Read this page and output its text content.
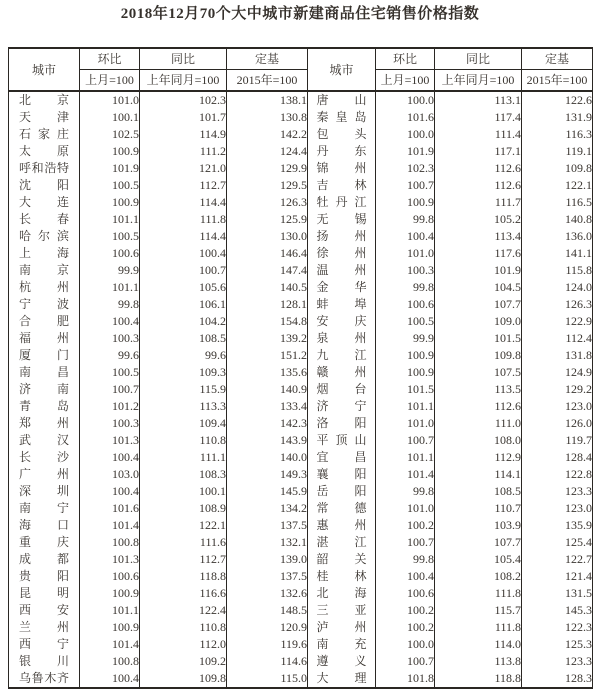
2018年12月70个大中城市新建商品住宅销售价格指数
城市	环比	同比	定基	城市	环比	同比	定基
	上月=100	上年同月=100	2015年=100		上月=100	上年同月=100	2015年=100

北京	101.0	102.3	138.1	唐山	100.0	113.1	122.6

天津	100.1	101.7	130.8	秦皇岛	101.6	117.4	131.9

石家庄	102.5	114.9	142.2	包头	100.0	111.4	116.3

太原	100.9	111.2	124.4	丹东	101.9	117.1	119.1

呼和浩特	101.9	121.0	129.9	锦州	102.3	112.6	109.8

沈阳	100.5	112.7	129.5	吉林	100.7	112.6	122.1

大连	100.9	114.4	126.3	牡丹江	100.9	111.7	116.5

长春	101.1	111.8	125.9	无锡	99.8	105.2	140.8

哈尔滨	100.5	114.4	130.0	扬州	100.4	113.4	136.0

上海	100.6	100.4	146.4	徐州	101.0	117.6	141.1

南京	99.9	100.7	147.4	温州	100.3	101.9	115.8

杭州	101.1	105.6	140.5	金华	99.8	104.5	124.0

宁波	99.8	106.1	128.1	蚌埠	100.6	107.7	126.3

合肥	100.4	104.2	154.8	安庆	100.5	109.0	122.9

福州	100.3	108.5	139.2	泉州	99.9	101.5	112.4

厦门	99.6	99.6	151.2	九江	100.9	109.8	131.8

南昌	100.5	109.3	135.6	赣州	100.9	107.5	124.9

济南	100.7	115.9	140.9	烟台	101.5	113.5	129.2

青岛	101.2	113.3	133.4	济宁	101.1	112.6	123.0

郑州	100.3	109.4	142.3	洛阳	101.0	111.0	126.0

武汉	101.3	110.8	143.9	平顶山	100.7	108.0	119.7

长沙	100.4	111.1	140.0	宜昌	101.1	112.9	128.4

广州	103.0	108.3	149.3	襄阳	101.4	114.1	122.8

深圳	100.4	100.1	145.9	岳阳	99.8	108.5	123.3

南宁	101.6	108.9	134.2	常德	101.0	110.7	123.0

海口	101.4	122.1	137.5	惠州	100.2	103.9	135.9

重庆	100.8	111.6	132.1	湛江	100.7	107.7	125.4

成都	101.3	112.7	139.0	韶关	99.8	105.4	122.7

贵阳	100.6	118.8	137.5	桂林	100.4	108.2	121.4

昆明	100.9	116.6	132.6	北海	100.6	111.8	131.5

西安	101.1	122.4	148.5	三亚	100.2	115.7	145.3

兰州	100.9	110.8	120.9	泸州	100.2	111.8	122.3

西宁	101.4	112.0	119.6	南充	100.0	114.0	125.3

银川	100.8	109.2	114.6	遵义	100.7	113.8	123.3

乌鲁木齐	100.4	109.8	115.0	大理	101.8	118.8	128.3
